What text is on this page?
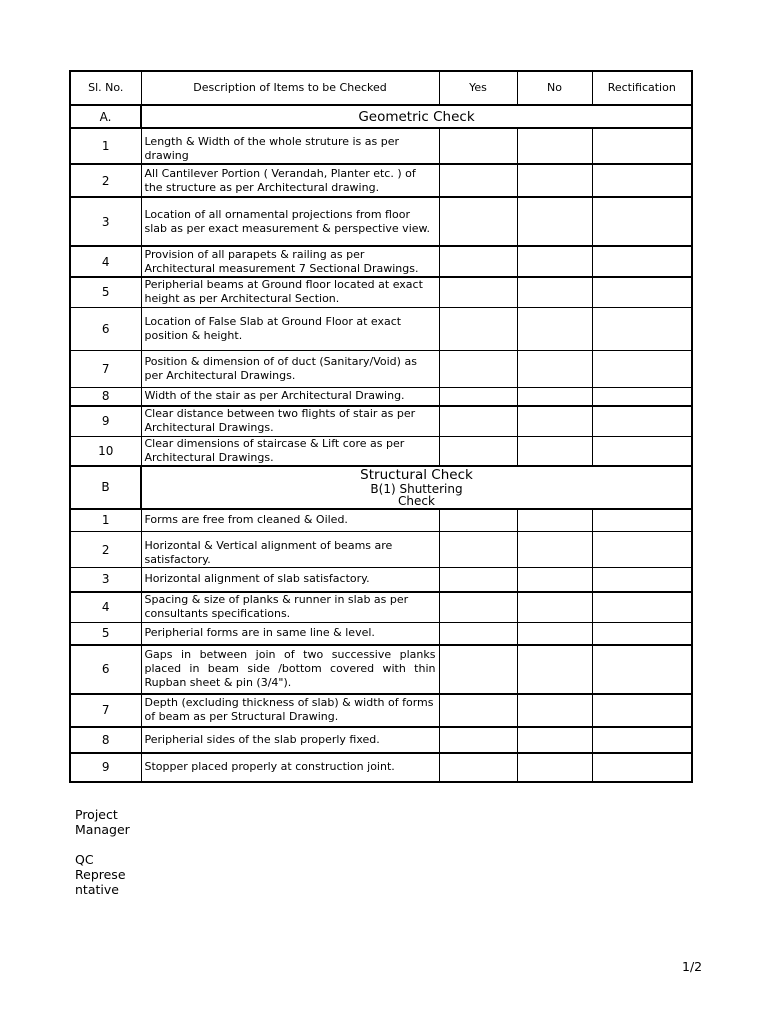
Sl. No.	Description of Items to be Checked	Yes	No	Rectification
A.	Geometric Check			
1	Length & Width of the whole struture is as per drawing			
2	All Cantilever Portion ( Verandah, Planter etc. ) of the structure as per Architectural drawing.			
3	Location of all ornamental projections from floor slab as per exact measurement & perspective view.			
4	Provision of all parapets & railing as per Architectural measurement 7 Sectional Drawings.			
5	Peripherial beams at Ground floor located at exact height as per Architectural Section.			
6	Location of False Slab at Ground Floor at exact position & height.			
7	Position & dimension of of duct (Sanitary/Void) as per Architectural Drawings.			
8	Width of the stair as per Architectural Drawing.			
9	Clear distance between two flights of stair as per Architectural Drawings.			
10	Clear dimensions of staircase & Lift core as per Architectural Drawings.			
B	Structural Check
B(1) Shuttering
Check			

1	Forms are free from cleaned & Oiled.			
2	Horizontal & Vertical alignment of beams are satisfactory.			
3	Horizontal alignment of slab satisfactory.			
4	Spacing & size of planks & runner in slab as per consultants specifications.			
5	Peripherial forms are in same line & level.			
6	Gaps in between join of two successive planks placed in beam side /bottom covered with thin Rupban sheet & pin (3/4").			
7	Depth (excluding thickness of slab) & width of forms of beam as per Structural Drawing.			
8	Peripherial sides of the slab properly fixed.			
9	Stopper placed properly at construction joint.			
Project
Manager
QC
Represe
ntative
1/2
